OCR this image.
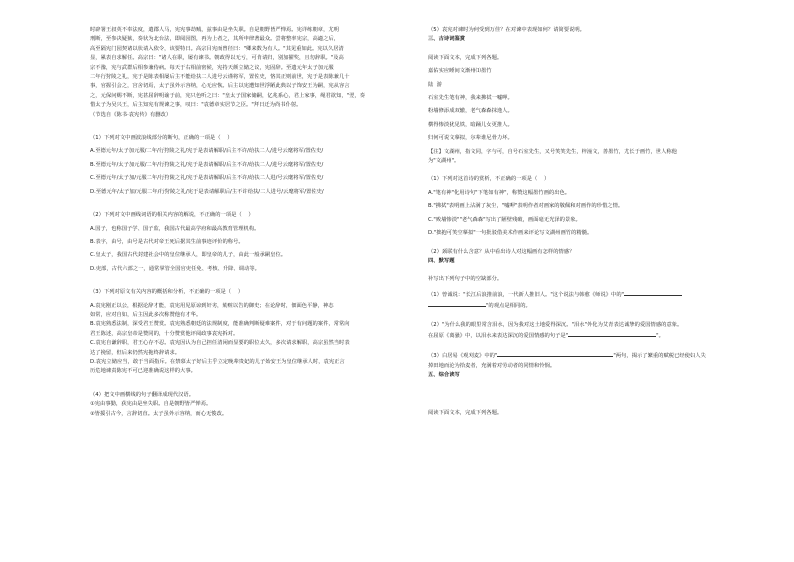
时辟署王叔英不奉法度，遣郡人马，宪宪事劫贼，兹事由是坐失职。自是朝野皆严惮焉。宪详练朝章，尤明

刑断，至参决疑狱，奏状为北台法，即阅园图，再为上者之，其所申律著最众。尝将整率宪宗，高適之后，

高至隔宪门园契诸以状请入依令，该要特日。高宗目宪而曾径曰："卿来数为有人。"其见重如此。宪以久居清

显，累表自求解任。高宗曰："诸人在职，屡有谏书。朝政得以无亏，可肯请归，别加擢奖，且勿辞职。"及高

宗不豫，宪与武群后相参兼侍病。每天于右相前密候，宪持天颜立储之议，宪固辞。至遗元年太子加元服

二年行狩陵之礼，宪于是陈表相屡后主不能给扶二人进号云谨将军，置佐史，恪其正则前世，宪于是表陈兼几十

事，官握引会之，宫舍切焉，太子虽外示容纳，心无应恢。后主以宪遭知世浮陋此典以子饰安王为嗣，宪从容言

之，元保问赐不断，宪甚屈辞明谕于前，宪只色听之曰："皇太子国家储嗣，亿兆系心，君上家事，绳君欲知，"翌，奏

惜太子为吴兴王，后主知宪有规谏之事，叹曰："袁德章实居节之臣。"拜日迁为尚书仆射。

（节选自《陈书·袁宪传》有删改）

（1）下列对文中画波浪线部分的断句，正确的一项是（    ）

A.至德元年/太子加元服/二年/行狩陵之礼/宪于是表请解职/后主不许/给扶二人/进号云麾将军/置佐史/

B.至德元年/太子加元服/二年/行狩陵之礼/宪于是表请解职/后主不许/给扶二人/进号云麾将军/置佐史/

C.至德元年/太子加/元服二年/行狩陵之礼/宪于是表请解职/后主不许/给扶二人进/号云麾将军/置佐史/

D.至德元年/太子加/元服二年/行狩陵之礼/宪于是表请解职后/主不许给扶/二人进号/云麾将军/置佐史/

（2）下列对文中画线词语的相关内容的解说，不正确的一项是（    ）

A.国子，也称国子学、国子监，我国古代最高学府和最高教育管理机构。

B.表字，由号，由号是古代对帝王死后据其生前事迹评价的称号。

C.皇太子，我国古代封建社会中的皇位继承人，即皇帝的儿子，由此一般承嗣皇位。

D.吏部，古代六部之一，通常掌管全国官吏任免、考核、升降、调动等。

（3）下列对原文有关内容的概括和分析，不正确的一项是（    ）

A.袁宪刚正以公，根据论辞才能，袁宪用见原谅到奸劣，劾赃以告的御史；在论辞时，佃面色平静，神态

如常，应对自如，后主因此多次称赞他有才华。

B.袁宪熟悉法制，深受君王赞赏。袁宪熟悉朝廷的法规制度，能准确判断疑难案件，对于有问题的案件，常常向

君王陈述，高宗皇帝是赞同的，十分赞赏他评阅政事袁宪拆对。

C.袁宪自谦辞职，君王心存不忍。袁宪因认为自己担任清闲而显要的职位太久，多次请求解职，高宗虽然当时表

达了挽留，但后来仍然宪拖终辞请求。

D.袁宪立储应当，敢于当面指斥。在禁慕太子好后主乎立定晚辈贵妃的儿子始安王为皇位继承人时，袁宪正言

历危地谏责陈宪不可已迎准确说这样的大事。

（4）把文中画横线的句子翻译成现代汉语。

①宪由事勤，获宪由是坐失职。自是朝野皆严惮焉。

②皆援引古今，言辞切直。太子虽外示容纳，而心无悛改。

（5）袁宪对谏时为何受到万佳？在对谏中表现如何？请简要说明。

三、古诗词鉴赏

阅读下面文本，完成下列各题。

嘉佑实应睡间文渐州⑴墨竹

陆  游

石室先生笔有神，我来拂拭一嘘呷。

粉墙修添成双辙，老气森森抹逸人。

横得惨淡犹见铁，暗踊儿女更推人。

归何可说文摹拟，尔辈谁尼骨力坏。

【注】文湖州，指文同，字与可，自号石室先生，又号笑笑先生，梓潼文，善墨竹，尤长于画竹，世人称他

为"文湖州"。

（1）下列对这首诗的赏析，不正确的一项是（    ）

A."笔有神"化用诗句"下笔如有神"，称赞这幅墨竹画的出色。

B."拂拭"表明画上沾满了灰尘，"嘘呷"表明作者对画家的敬佩和对画作的珍惜之情。

C."败墙惨淡""老气森森"写出了陋壁残破，画面毫无光泽的景象。

D."拙抱可笑空摹拟"一句批驳借美术作画来评论写文湖州画竹的精髓。

（2）颈联有什么含意？从中看出诗人对这幅画有怎样的情感？

四、默写题

补写出下列句子中的空缺部分。

（1）曾诚说："长江后浪推前浪，一代新人推旧人。"这个说法与韩愈《师说》中的"

"的观点是相同的。

（2）"为什么我的眼里常含泪水，因为我对这土地爱得深沉。"泪水"外化为艾青表达诚挚的爱国情感的意象。

在屈原《离骚》中，以泪水来表达深沉的爱国情感的句子是"	"。

（3）白居易《观刈麦》中的"	"两句，揭示了繁重的赋税已经使妇人失

掉田地而沦为拾麦者，充满着对劳动者的同情和怜悯。

五、综合读写

阅读下面文本，完成下列各题。
